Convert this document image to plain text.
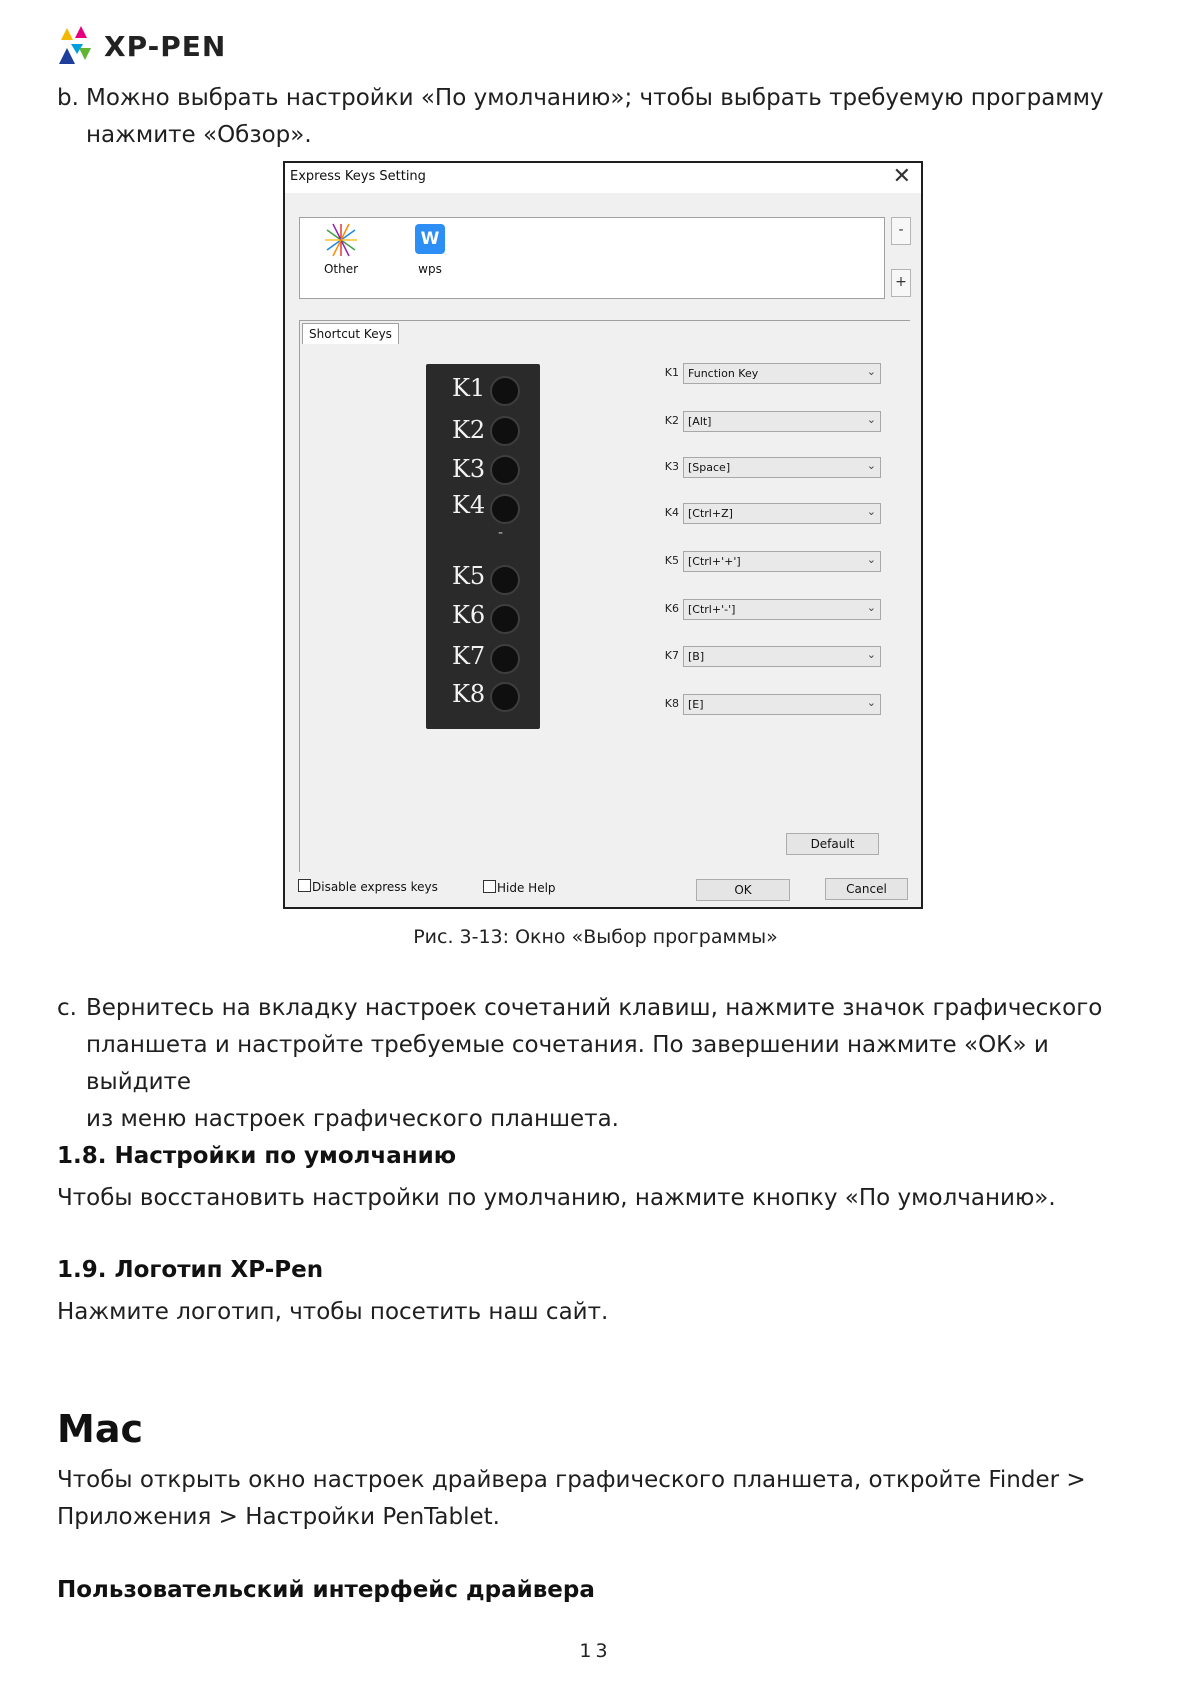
XP-PEN
b. Можно выбрать настройки «По умолчанию»; чтобы выбрать требуемую программу
нажмите «Обзор».
Express Keys Setting	✕
Other
W
wps
-
+
Shortcut Keys
K1
K2
K3
K4
-
K5
K6
K7
K8
K1 Function Key	⌄
K2 [Alt]	⌄
K3 [Space]	⌄
K4 [Ctrl+Z]	⌄
K5 [Ctrl+'+']	⌄
K6 [Ctrl+'-']	⌄
K7 [B]	⌄
K8 [E]	⌄
Default
Disable express keys	Hide Help	OK	Cancel
Рис. 3-13: Окно «Выбор программы»
c. Вернитесь на вкладку настроек сочетаний клавиш, нажмите значок графического
планшета и настройте требуемые сочетания. По завершении нажмите «ОК» и выйдите
из меню настроек графического планшета.
1.8. Настройки по умолчанию
Чтобы восстановить настройки по умолчанию, нажмите кнопку «По умолчанию».
1.9. Логотип XP-Pen
Нажмите логотип, чтобы посетить наш сайт.
Mac
Чтобы открыть окно настроек драйвера графического планшета, откройте Finder >
Приложения > Настройки PenTablet.
Пользовательский интерфейс драйвера
13
